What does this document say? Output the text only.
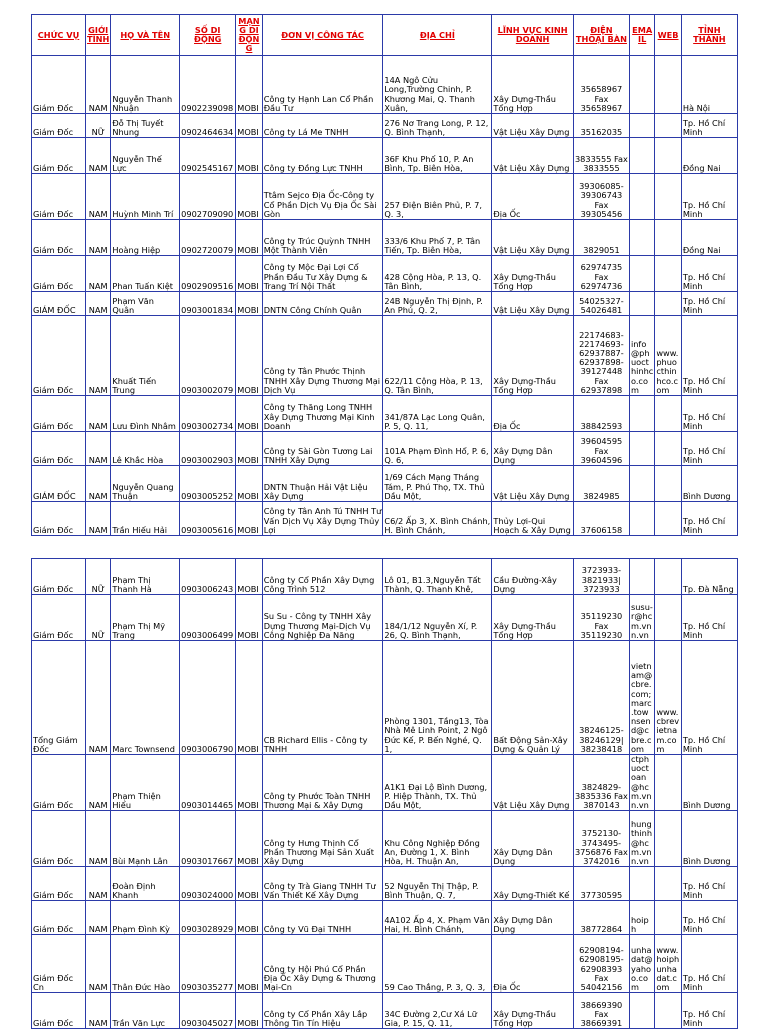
CHỨC VỤ	GIỚI TÍNH	HỌ VÀ TÊN	SỐ DI ĐỘNG	MẠNG DI ĐỘNG	ĐƠN VỊ CÔNG TÁC	ĐỊA CHỈ	LĨNH VỰC KINH DOANH	ĐIỆN THOẠI BÀN	EMAIL	WEB	TỈNH THÀNH
Giám Đốc	NAM	Nguyễn Thanh Nhuận	0902239098	MOBI	Công ty Hạnh Lan Cổ Phần Đầu Tư	14A Ngô Cửu Long,Trường Chinh, P. Khương Mai, Q. Thanh Xuân,	Xây Dựng-Thầu Tổng Hợp	35658967 Fax 35658967			Hà Nội
Giám Đốc	NỮ	Đỗ Thị Tuyết Nhung	0902464634	MOBI	Công ty Lá Me TNHH	276 Nơ Trang Long, P. 12, Q. Bình Thạnh,	Vật Liệu Xây Dựng	35162035			Tp. Hồ Chí Minh
Giám Đốc	NAM	Nguyễn Thế Lực	0902545167	MOBI	Công ty Đồng Lực TNHH	36F Khu Phố 10, P. An Bình, Tp. Biên Hòa,	Vật Liệu Xây Dựng	3833555 Fax 3833555			Đồng Nai
Giám Đốc	NAM	Huỳnh Minh Trí	0902709090	MOBI	Ttâm Sejco Địa Ốc-Công ty Cổ Phần Dịch Vụ Địa Ốc Sài Gòn	257 Điện Biên Phủ, P. 7, Q. 3,	Địa Ốc	39306085-39306743 Fax 39305456			Tp. Hồ Chí Minh
Giám Đốc	NAM	Hoàng Hiệp	0902720079	MOBI	Công ty Trúc Quỳnh TNHH Một Thành Viên	333/6 Khu Phố 7, P. Tân Tiến, Tp. Biên Hòa,	Vật Liệu Xây Dựng	3829051			Đồng Nai
Giám Đốc	NAM	Phan Tuấn Kiệt	0902909516	MOBI	Công ty Mộc Đại Lợi Cổ Phần Đầu Tư Xây Dựng & Trang Trí Nội Thất	428 Cộng Hòa, P. 13, Q. Tân Bình,	Xây Dựng-Thầu Tổng Hợp	62974735 Fax 62974736			Tp. Hồ Chí Minh
GIÁM ĐỐC	NAM	Phạm Văn Quân	0903001834	MOBI	DNTN Công Chính Quân	24B Nguyễn Thị Định, P. An Phú, Q. 2,	Vật Liệu Xây Dựng	54025327-54026481			Tp. Hồ Chí Minh
Giám Đốc	NAM	Khuất Tiến Trung	0903002079	MOBI	Công ty Tân Phước Thịnh TNHH Xây Dựng Thương Mại Dịch Vụ	622/11 Cộng Hòa, P. 13, Q. Tân Bình,	Xây Dựng-Thầu Tổng Hợp	22174683-22174693-62937887-62937898-39127448 Fax 62937898	info@phuocthinhco.com	www.phuocthinhco.com	Tp. Hồ Chí Minh
Giám Đốc	NAM	Lưu Đình Nhâm	0903002734	MOBI	Công ty Thăng Long TNHH Xây Dựng Thương Mại Kinh Doanh	341/87A Lạc Long Quân, P. 5, Q. 11,	Địa Ốc	38842593			Tp. Hồ Chí Minh
Giám Đốc	NAM	Lê Khắc Hòa	0903002903	MOBI	Công ty Sài Gòn Tương Lai TNHH Xây Dựng	101A Phạm Đình Hổ, P. 6, Q. 6,	Xây Dựng Dân Dụng	39604595 Fax 39604596			Tp. Hồ Chí Minh
GIÁM ĐỐC	NAM	Nguyễn Quang Thuận	0903005252	MOBI	DNTN Thuận Hải Vật Liệu Xây Dựng	1/69 Cách Mạng Tháng Tám, P. Phú Thọ, TX. Thủ Dầu Một,	Vật Liệu Xây Dựng	3824985			Bình Dương
Giám Đốc	NAM	Trần Hiếu Hải	0903005616	MOBI	Công ty Tân Anh Tú TNHH Tư Vấn Dịch Vụ Xây Dựng Thủy Lợi	C6/2 Ấp 3, X. Bình Chánh, H. Bình Chánh,	Thủy Lợi-Qui Hoạch & Xây Dựng	37606158			Tp. Hồ Chí Minh
Giám Đốc	NỮ	Phạm Thị Thanh Hà	0903006243	MOBI	Công ty Cổ Phần Xây Dựng Công Trình 512	Lô 01, B1.3,Nguyễn Tất Thành, Q. Thanh Khê,	Cầu Đường-Xây Dựng	3723933-3821933| 3723933			Tp. Đà Nẵng
Giám Đốc	NỮ	Phạm Thị Mỹ Trang	0903006499	MOBI	Su Su - Công ty TNHH Xây Dựng Thương Mại-Dịch Vụ Công Nghiệp Đa Năng	184/1/12 Nguyễn Xí, P. 26, Q. Bình Thạnh,	Xây Dựng-Thầu Tổng Hợp	35119230 Fax 35119230	susu-r@hcm.vnn.vn		Tp. Hồ Chí Minh
Tổng Giám Đốc	NAM	Marc Townsend	0903006790	MOBI	CB Richard Ellis - Công ty TNHH	Phòng 1301, Tầng13, Tòa Nhà Mê Linh Point, 2 Ngô Đức Kế, P. Bến Nghé, Q. 1,	Bất Động Sản-Xây Dựng & Quản Lý	38246125-38246129| 38238418	vietnam@cbre.com; marc.townsend@cbre.com	www.cbrevietnam.com	Tp. Hồ Chí Minh
Giám Đốc	NAM	Phạm Thiện Hiếu	0903014465	MOBI	Công ty Phước Toàn TNHH Thương Mại & Xây Dựng	A1K1 Đại Lộ Bình Dương, P. Hiệp Thành, TX. Thủ Dầu Một,	Vật Liệu Xây Dựng	3824829-3835336 Fax 3870143	ctphuoctoan@hcm.vnn.vn		Bình Dương
Giám Đốc	NAM	Bùi Mạnh Lân	0903017667	MOBI	Công ty Hưng Thịnh Cổ Phần Thương Mại Sản Xuất Xây Dựng	Khu Công Nghiệp Đồng An, Đường 1, X. Bình Hòa, H. Thuận An,	Xây Dựng Dân Dụng	3752130-3743495-3756876 Fax 3742016	hungthinh@hcm.vnn.vn		Bình Dương
Giám Đốc	NAM	Đoàn Định Khanh	0903024000	MOBI	Công ty Trà Giang TNHH Tư Vấn Thiết Kế Xây Dựng	52 Nguyễn Thị Thập, P. Bình Thuận, Q. 7,	Xây Dựng-Thiết Kế	37730595			Tp. Hồ Chí Minh
Giám Đốc	NAM	Phạm Đình Kỳ	0903028929	MOBI	Công ty Vũ Đại TNHH	4A102 Ấp 4, X. Phạm Văn Hai, H. Bình Chánh,	Xây Dựng Dân Dụng	38772864	hoiph		Tp. Hồ Chí Minh
Giám Đốc Cn	NAM	Thân Đức Hào	0903035277	MOBI	Công ty Hội Phú Cổ Phần Địa Ốc Xây Dựng & Thương Mại-Cn	59 Cao Thắng, P. 3, Q. 3,	Địa Ốc	62908194-62908195-62908393 Fax 54042156	unhadat@yahoo.com	www.hoiphunhadat.com	Tp. Hồ Chí Minh
Giám Đốc	NAM	Trần Văn Lực	0903045027	MOBI	Công ty Cổ Phần Xây Lắp Thông Tin Tín Hiệu	34C Đường 2,Cư Xá Lữ Gia, P. 15, Q. 11,	Xây Dựng-Thầu Tổng Hợp	38669390 Fax 38669391			Tp. Hồ Chí Minh
